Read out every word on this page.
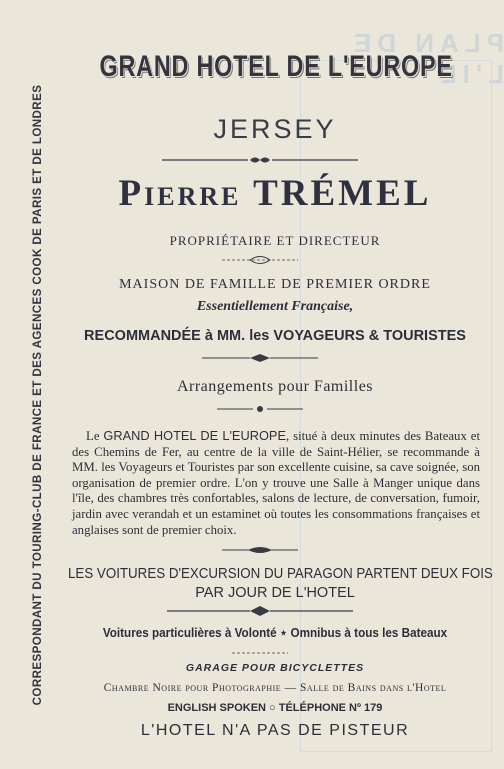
PLAN DE L'IL
CORRESPONDANT DU TOURING-CLUB DE FRANCE ET DES AGENCES COOK DE PARIS ET DE LONDRES
GRAND HOTEL DE L'EUROPE
JERSEY
Pierre TRÉMEL
PROPRIÉTAIRE ET DIRECTEUR
MAISON DE FAMILLE DE PREMIER ORDRE
Essentiellement Française,
RECOMMANDÉE à MM. les VOYAGEURS & TOURISTES
Arrangements pour Familles
Le GRAND HOTEL DE L'EUROPE, situé à deux minutes des Bateaux et des Chemins de Fer, au centre de la ville de Saint-Hélier, se recommande à MM. les Voyageurs et Touristes par son excellente cuisine, sa cave soignée, son organisation de premier ordre. L'on y trouve une Salle à Manger unique dans l'île, des chambres très confortables, salons de lecture, de conversation, fumoir, jardin avec verandah et un estaminet où toutes les consommations françaises et anglaises sont de premier choix.
LES VOITURES D'EXCURSION DU PARAGON PARTENT DEUX FOIS
PAR JOUR DE L'HOTEL
Voitures particulières à Volonté ⋆ Omnibus à tous les Bateaux
GARAGE POUR BICYCLETTES
Chambre Noire pour Photographie — Salle de Bains dans l'Hotel
ENGLISH SPOKEN ○ TÉLÉPHONE Nº 179
L'HOTEL N'A PAS DE PISTEUR
